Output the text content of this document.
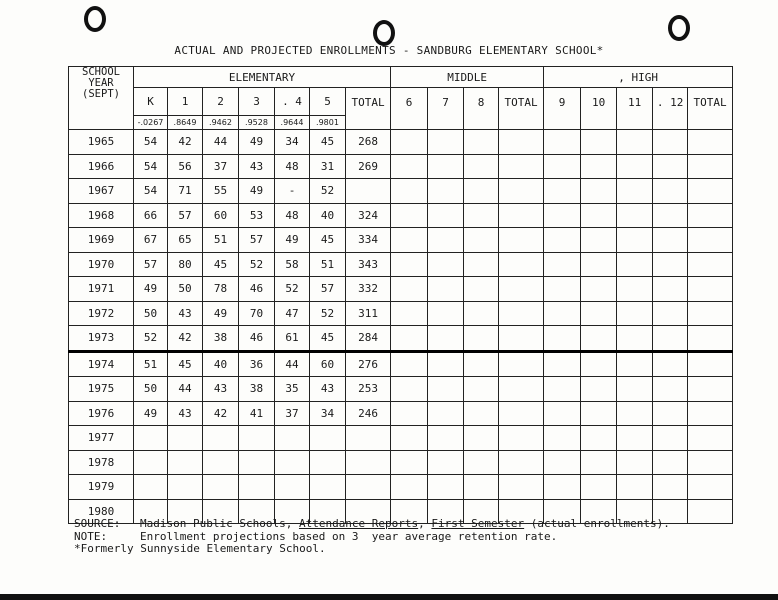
ACTUAL AND PROJECTED ENROLLMENTS - SANDBURG ELEMENTARY SCHOOL*
SCHOOL
YEAR
(SEPT)	ELEMENTARY							MIDDLE				, HIGH				
	K	1	2	3	. 4	5	TOTAL	6	7	8	TOTAL	9	10	11	. 12	TOTAL
	-.0267	.8649	.9462	.9528	.9644	.9801										
1965	54	42	44	49	34	45	268									
1966	54	56	37	43	48	31	269									
1967	54	71	55	49	-	52										
1968	66	57	60	53	48	40	324									
1969	67	65	51	57	49	45	334									
1970	57	80	45	52	58	51	343									
1971	49	50	78	46	52	57	332									
1972	50	43	49	70	47	52	311									
1973	52	42	38	46	61	45	284									
1974	51	45	40	36	44	60	276									
1975	50	44	43	38	35	43	253									
1976	49	43	42	41	37	34	246									
1977																
1978																
1979																
1980																
SOURCE:	Madison Public Schools, Attendance Reports , First Semester (actual enrollments).
NOTE:	Enrollment projections based on 3  year average retention rate.
*Formerly Sunnyside Elementary School.
